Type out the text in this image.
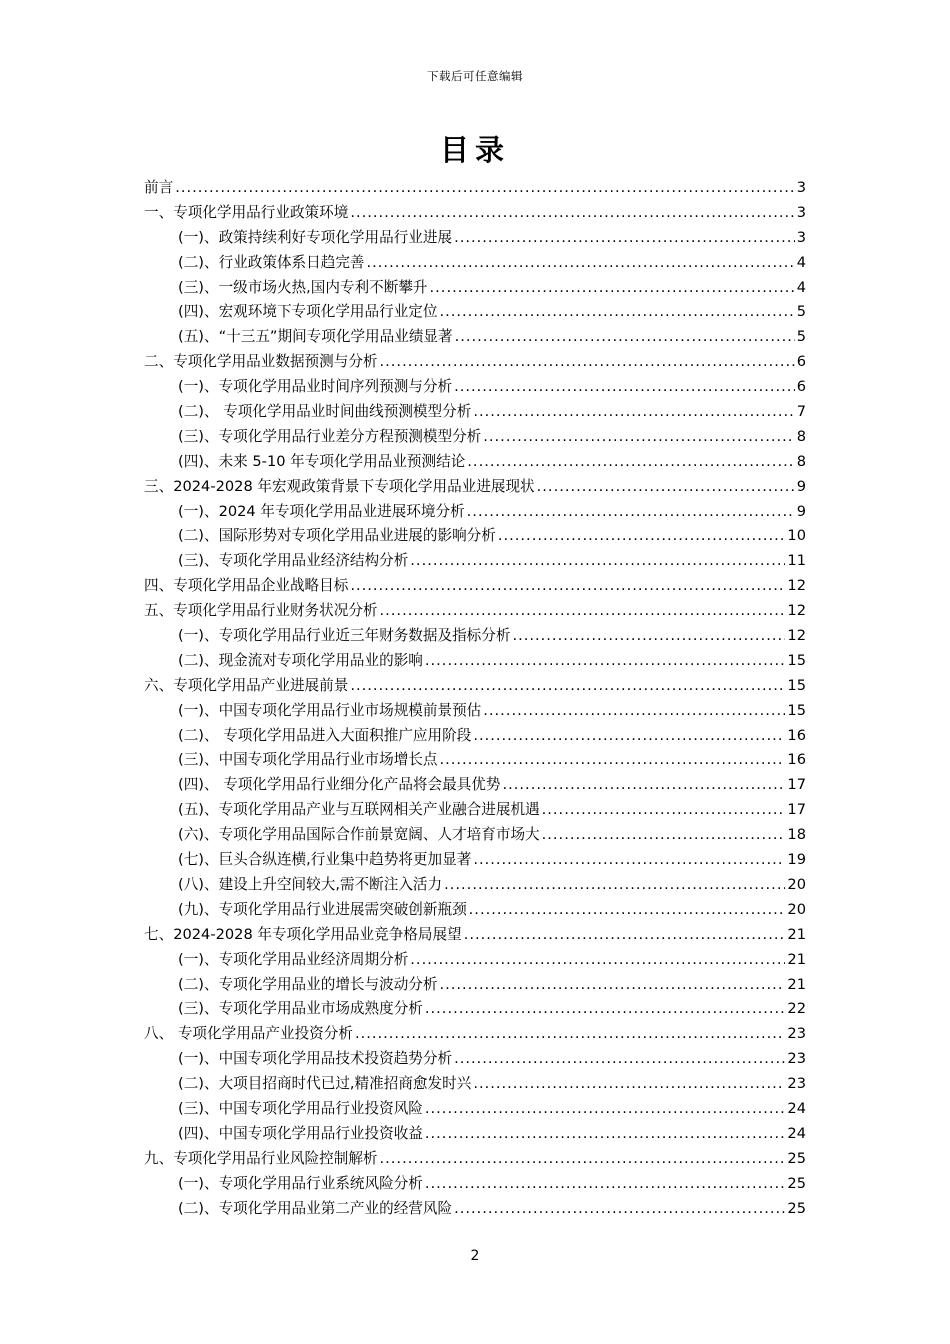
下载后可任意编辑
目录
前言 .....	3
一、专项化学用品行业政策环境 .....	3
(一)、政策持续利好专项化学用品行业进展 .....	3
(二)、行业政策体系日趋完善 .....	4
(三)、一级市场火热,国内专利不断攀升 .....	4
(四)、宏观环境下专项化学用品行业定位 .....	5
(五)、“十三五”期间专项化学用品业绩显著 .....	5
二、专项化学用品业数据预测与分析 .....	6
(一)、专项化学用品业时间序列预测与分析 .....	6
(二)、 专项化学用品业时间曲线预测模型分析 .....	7
(三)、专项化学用品行业差分方程预测模型分析 .....	8
(四)、未来 5-10 年专项化学用品业预测结论 .....	8
三、2024-2028 年宏观政策背景下专项化学用品业进展现状 .....	9
(一)、2024 年专项化学用品业进展环境分析 .....	9
(二)、国际形势对专项化学用品业进展的影响分析 .....	10
(三)、专项化学用品业经济结构分析 .....	11
四、专项化学用品企业战略目标 .....	12
五、专项化学用品行业财务状况分析 .....	12
(一)、专项化学用品行业近三年财务数据及指标分析 .....	12
(二)、现金流对专项化学用品业的影响 .....	15
六、专项化学用品产业进展前景 .....	15
(一)、中国专项化学用品行业市场规模前景预估 .....	15
(二)、 专项化学用品进入大面积推广应用阶段 .....	16
(三)、中国专项化学用品行业市场增长点 .....	16
(四)、 专项化学用品行业细分化产品将会最具优势 .....	17
(五)、专项化学用品产业与互联网相关产业融合进展机遇 .....	17
(六)、专项化学用品国际合作前景宽阔、人才培育市场大 .....	18
(七)、巨头合纵连横,行业集中趋势将更加显著 .....	19
(八)、建设上升空间较大,需不断注入活力 .....	20
(九)、专项化学用品行业进展需突破创新瓶颈 .....	20
七、2024-2028 年专项化学用品业竞争格局展望 .....	21
(一)、专项化学用品业经济周期分析 .....	21
(二)、专项化学用品业的增长与波动分析 .....	21
(三)、专项化学用品业市场成熟度分析 .....	22
八、 专项化学用品产业投资分析 .....	23
(一)、中国专项化学用品技术投资趋势分析 .....	23
(二)、大项目招商时代已过,精准招商愈发时兴 .....	23
(三)、中国专项化学用品行业投资风险 .....	24
(四)、中国专项化学用品行业投资收益 .....	24
九、专项化学用品行业风险控制解析 .....	25
(一)、专项化学用品行业系统风险分析 .....	25
(二)、专项化学用品业第二产业的经营风险 .....	25
2
